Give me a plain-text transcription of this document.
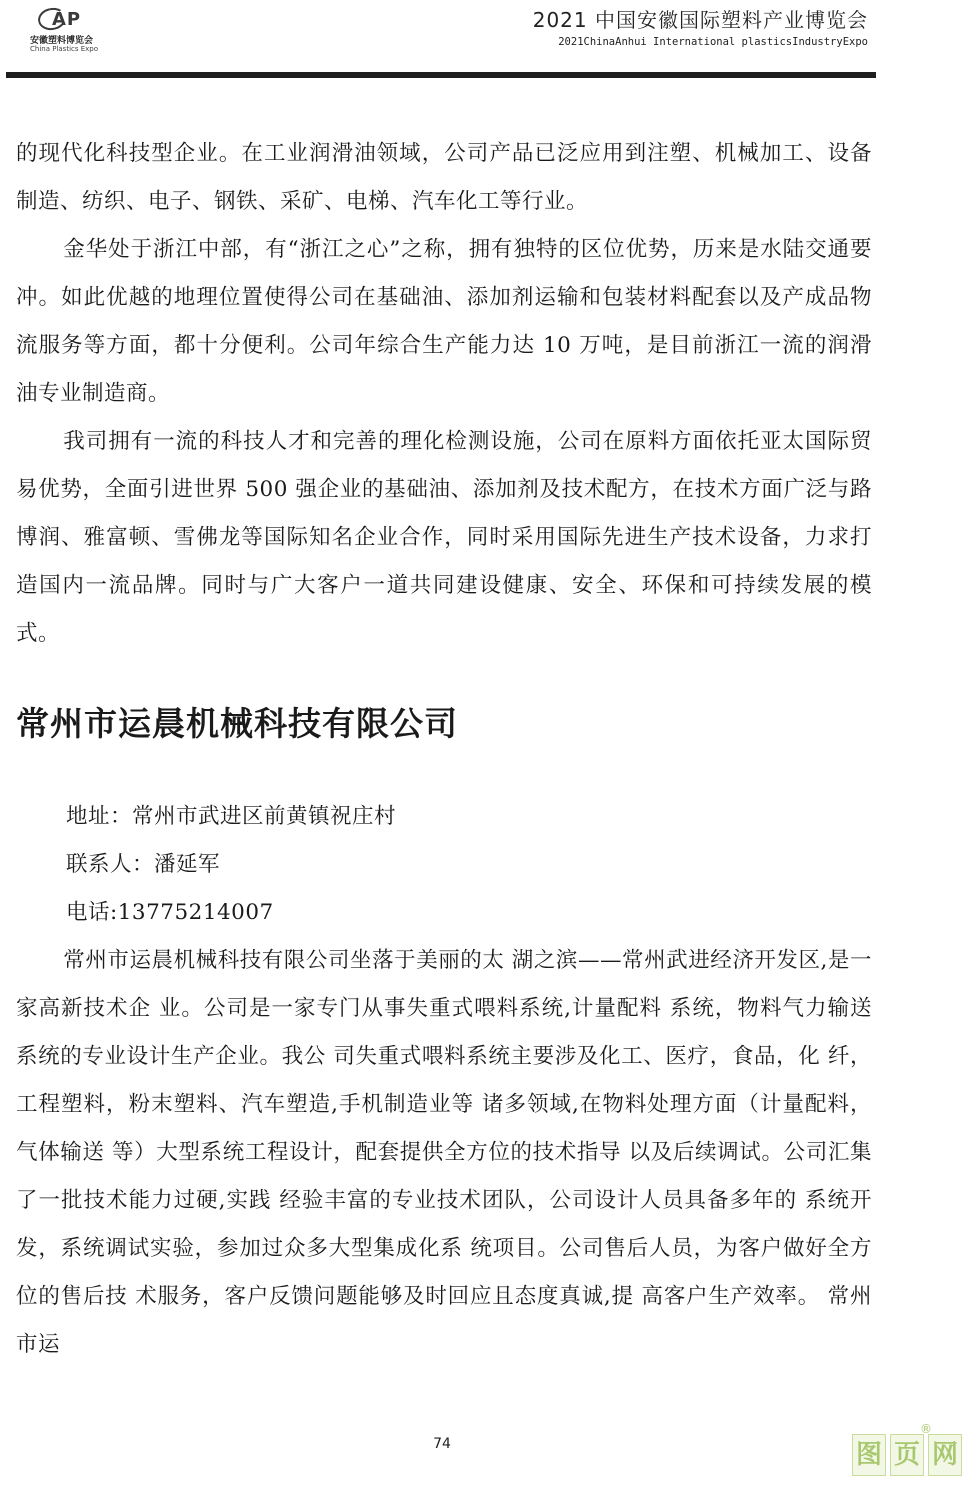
AP
安徽塑料博览会
China Plastics Expo
2021 中国安徽国际塑料产业博览会
2021ChinaAnhui International plasticsIndustryExpo

的现代化科技型企业。在工业润滑油领域，公司产品已泛应用到注塑、机械加工、设备制造、纺织、电子、钢铁、采矿、电梯、汽车化工等行业。

金华处于浙江中部，有“浙江之心”之称，拥有独特的区位优势，历来是水陆交通要冲。如此优越的地理位置使得公司在基础油、添加剂运输和包装材料配套以及产成品物流服务等方面，都十分便利。公司年综合生产能力达 10 万吨，是目前浙江一流的润滑油专业制造商。

我司拥有一流的科技人才和完善的理化检测设施，公司在原料方面依托亚太国际贸易优势，全面引进世界 500 强企业的基础油、添加剂及技术配方，在技术方面广泛与路博润、雅富顿、雪佛龙等国际知名企业合作，同时采用国际先进生产技术设备，力求打造国内一流品牌。同时与广大客户一道共同建设健康、安全、环保和可持续发展的模式。

常州市运晨机械科技有限公司

地址：常州市武进区前黄镇祝庄村

联系人：潘延军

电话:13775214007

常州市运晨机械科技有限公司坐落于美丽的太 湖之滨——常州武进经济开发区,是一家高新技术企 业。公司是一家专门从事失重式喂料系统,计量配料 系统，物料气力输送系统的专业设计生产企业。我公 司失重式喂料系统主要涉及化工、医疗，食品，化 纤，工程塑料，粉末塑料、汽车塑造,手机制造业等 诸多领域,在物料处理方面（计量配料，气体输送 等）大型系统工程设计，配套提供全方位的技术指导 以及后续调试。公司汇集了一批技术能力过硬,实践 经验丰富的专业技术团队，公司设计人员具备多年的 系统开发，系统调试实验，参加过众多大型集成化系 统项目。公司售后人员，为客户做好全方位的售后技 术服务，客户反馈问题能够及时回应且态度真诚,提 高客户生产效率。 常州市运

74
®
图 页 网
